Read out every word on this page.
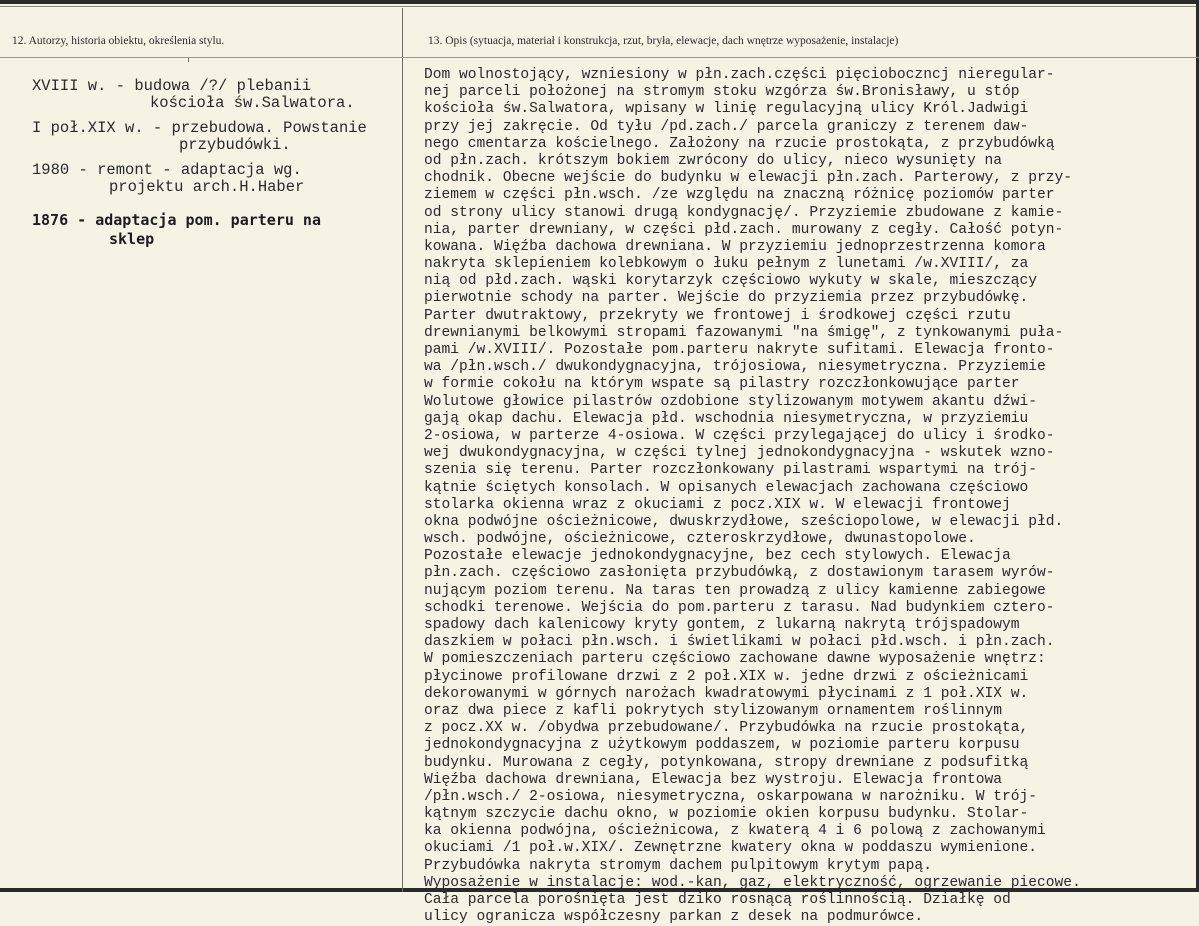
12. Autorzy, historia obiektu, określenia stylu.	13. Opis (sytuacja, materiał i konstrukcja, rzut, bryła, elewacje, dach wnętrze wyposażenie, instalacje)
XVIII w. - budowa /?/ plebanii
kościoła św.Salwatora.
I poł.XIX w. - przebudowa. Powstanie
przybudówki.
1980 - remont - adaptacja wg.
projektu arch.H.Haber
1876 - adaptacja pom. parteru na
sklep
Dom wolnostojący, wzniesiony w płn.zach.części pięcioboczncj nieregular-
nej parceli położonej na stromym stoku wzgórza św.Bronisławy, u stóp
kościoła św.Salwatora, wpisany w linię regulacyjną ulicy Król.Jadwigi
przy jej zakręcie. Od tyłu /pd.zach./ parcela graniczy z terenem daw-
nego cmentarza kościelnego. Założony na rzucie prostokąta, z przybudówką
od płn.zach. krótszym bokiem zwrócony do ulicy, nieco wysunięty na
chodnik. Obecne wejście do budynku w elewacji płn.zach. Parterowy, z przy-
ziemem w części płn.wsch. /ze względu na znaczną różnicę poziomów parter
od strony ulicy stanowi drugą kondygnację/. Przyziemie zbudowane z kamie-
nia, parter drewniany, w części płd.zach. murowany z cegły. Całość potyn-
kowana. Więźba dachowa drewniana. W przyziemiu jednoprzestrzenna komora
nakryta sklepieniem kolebkowym o łuku pełnym z lunetami /w.XVIII/, za
nią od płd.zach. wąski korytarzyk częściowo wykuty w skale, mieszczący
pierwotnie schody na parter. Wejście do przyziemia przez przybudówkę.
Parter dwutraktowy, przekryty we frontowej i środkowej części rzutu
drewnianymi belkowymi stropami fazowanymi "na śmigę", z tynkowanymi puła-
pami /w.XVIII/. Pozostałe pom.parteru nakryte sufitami. Elewacja fronto-
wa /płn.wsch./ dwukondygnacyjna, trójosiowa, niesymetryczna. Przyziemie
w formie cokołu na którym wspate są pilastry rozczłonkowujące parter
Wolutowe głowice pilastrów ozdobione stylizowanym motywem akantu dźwi-
gają okap dachu. Elewacja płd. wschodnia niesymetryczna, w przyziemiu
2-osiowa, w parterze 4-osiowa. W części przylegającej do ulicy i środko-
wej dwukondygnacyjna, w części tylnej jednokondygnacyjna - wskutek wzno-
szenia się terenu. Parter rozczłonkowany pilastrami wspartymi na trój-
kątnie ściętych konsolach. W opisanych elewacjach zachowana częściowo
stolarka okienna wraz z okuciami z pocz.XIX w. W elewacji frontowej
okna podwójne ościeżnicowe, dwuskrzydłowe, sześciopolowe, w elewacji płd.
wsch. podwójne, ościeżnicowe, czteroskrzydłowe, dwunastopolowe.
Pozostałe elewacje jednokondygnacyjne, bez cech stylowych. Elewacja
płn.zach. częściowo zasłonięta przybudówką, z dostawionym tarasem wyrów-
nującym poziom terenu. Na taras ten prowadzą z ulicy kamienne zabiegowe
schodki terenowe. Wejścia do pom.parteru z tarasu. Nad budynkiem cztero-
spadowy dach kalenicowy kryty gontem, z lukarną nakrytą trójspadowym
daszkiem w połaci płn.wsch. i świetlikami w połaci płd.wsch. i płn.zach.
W pomieszczeniach parteru częściowo zachowane dawne wyposażenie wnętrz:
płycinowe profilowane drzwi z 2 poł.XIX w. jedne drzwi z ościeżnicami
dekorowanymi w górnych narożach kwadratowymi płycinami z 1 poł.XIX w.
oraz dwa piece z kafli pokrytych stylizowanym ornamentem roślinnym
z pocz.XX w. /obydwa przebudowane/. Przybudówka na rzucie prostokąta,
jednokondygnacyjna z użytkowym poddaszem, w poziomie parteru korpusu
budynku. Murowana z cegły, potynkowana, stropy drewniane z podsufitką
Więźba dachowa drewniana, Elewacja bez wystroju. Elewacja frontowa
/płn.wsch./ 2-osiowa, niesymetryczna, oskarpowana w narożniku. W trój-
kątnym szczycie dachu okno, w poziomie okien korpusu budynku. Stolar-
ka okienna podwójna, ościeżnicowa, z kwaterą 4 i 6 polową z zachowanymi
okuciami /1 poł.w.XIX/. Zewnętrzne kwatery okna w poddaszu wymienione.
Przybudówka nakryta stromym dachem pulpitowym krytym papą.
Wyposażenie w instalacje: wod.-kan, gaz, elektryczność, ogrzewanie piecowe.
Cała parcela porośnięta jest dziko rosnącą roślinnością. Działkę od
ulicy ogranicza współczesny parkan z desek na podmurówce.
